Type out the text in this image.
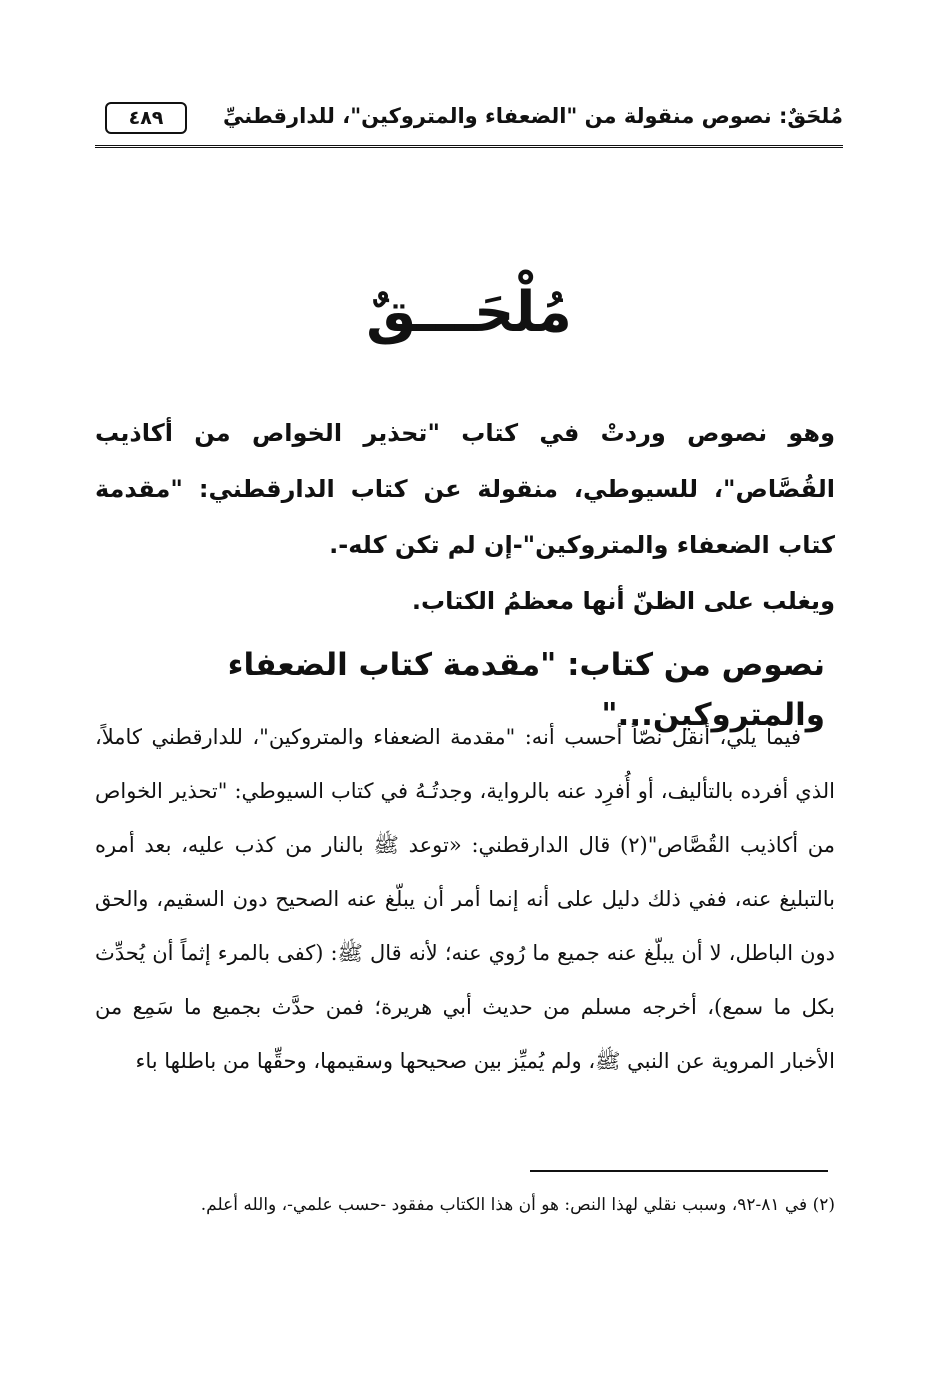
مُلحَقٌ: نصوص منقولة من "الضعفاء والمتروكين"، للدارقطنيِّ
٤٨٩
مُلْحَـــقٌ

وهو نصوص وردتْ في كتاب "تحذير الخواص من أكاذيب القُصَّاص"، للسيوطي، منقولة عن كتاب الدارقطني: "مقدمة كتاب الضعفاء والمتروكين"-إن لم تكن كله-.

ويغلب على الظنّ أنها معظمُ الكتاب.

نصوص من كتاب: "مقدمة كتاب الضعفاء والمتروكين..."

فيما يلي، أنقل نصّاً أحسب أنه: "مقدمة الضعفاء والمتروكين"، للدارقطني كاملاً، الذي أفرده بالتأليف، أو أُفرِد عنه بالرواية، وجدتُـهُ في كتاب السيوطي: "تحذير الخواص من أكاذيب القُصَّاص"(٢) قال الدارقطني: «توعد ﷺ بالنار من كذب عليه، بعد أمره بالتبليغ عنه، ففي ذلك دليل على أنه إنما أمر أن يبلّغ عنه الصحيح دون السقيم، والحق دون الباطل، لا أن يبلّغ عنه جميع ما رُوي عنه؛ لأنه قال ﷺ: (كفى بالمرء إثماً أن يُحدِّث بكل ما سمع)، أخرجه مسلم من حديث أبي هريرة؛ فمن حدَّث بجميع ما سَمِع من الأخبار المروية عن النبي ﷺ، ولم يُميِّز بين صحيحها وسقيمها، وحقِّها من باطلها باء

(٢) في ٨١-٩٢، وسبب نقلي لهذا النص: هو أن هذا الكتاب مفقود -حسب علمي-، والله أعلم.
